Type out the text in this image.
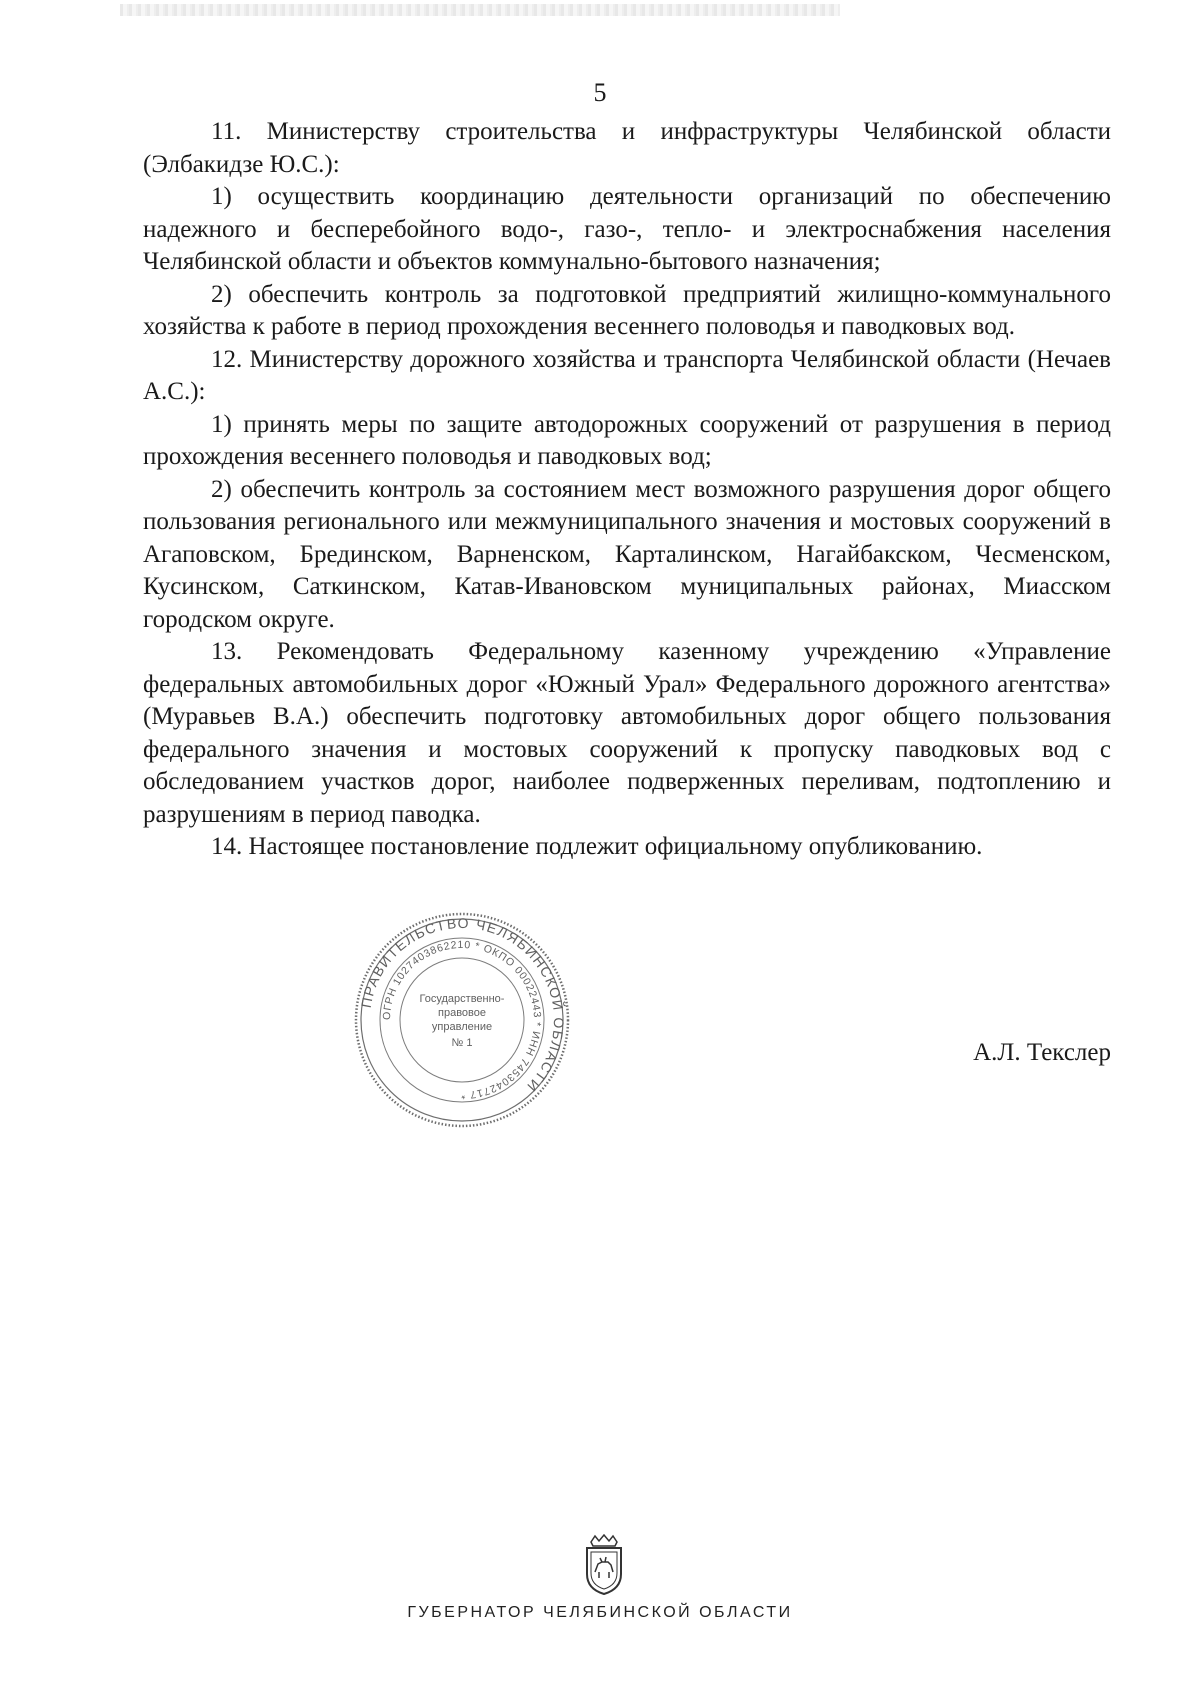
5

11. Министерству строительства и инфраструктуры Челябинской области (Элбакидзе Ю.С.):

1) осуществить координацию деятельности организаций по обеспечению надежного и бесперебойного водо-, газо-, тепло- и электроснабжения населения Челябинской области и объектов коммунально-бытового назначения;

2) обеспечить контроль за подготовкой предприятий жилищно-коммунального хозяйства к работе в период прохождения весеннего половодья и паводковых вод.

12. Министерству дорожного хозяйства и транспорта Челябинской области (Нечаев А.С.):

1) принять меры по защите автодорожных сооружений от разрушения в период прохождения весеннего половодья и паводковых вод;

2) обеспечить контроль за состоянием мест возможного разрушения дорог общего пользования регионального или межмуниципального значения и мостовых сооружений в Агаповском, Брединском, Варненском, Карталинском, Нагайбакском, Чесменском, Кусинском, Саткинском, Катав-Ивановском муниципальных районах, Миасском городском округе.

13. Рекомендовать Федеральному казенному учреждению «Управление федеральных автомобильных дорог «Южный Урал» Федерального дорожного агентства» (Муравьев В.А.) обеспечить подготовку автомобильных дорог общего пользования федерального значения и мостовых сооружений к пропуску паводковых вод с обследованием участков дорог, наиболее подверженных переливам, подтоплению и разрушениям в период паводка.

14. Настоящее постановление подлежит официальному опубликованию.

ПРАВИТЕЛЬСТВО ЧЕЛЯБИНСКОЙ ОБЛАСТИ
ОГРН 1027403862210 * ОКПО 00022443 * ИНН 7453042717 *
Государственно-
правовое
управление
№ 1	А.Л. Текслер
ГУБЕРНАТОР ЧЕЛЯБИНСКОЙ ОБЛАСТИ
